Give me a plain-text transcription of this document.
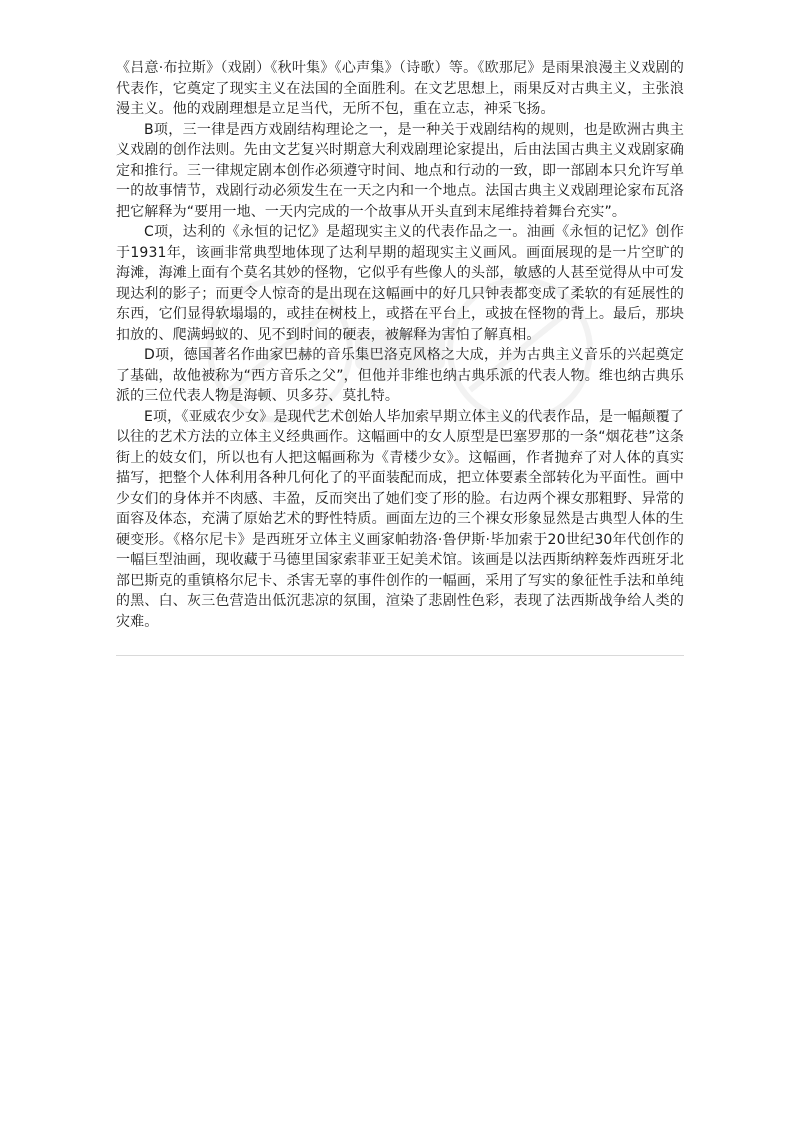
《吕意·布拉斯》（戏剧）《秋叶集》《心声集》（诗歌）等。《欧那尼》是雨果浪漫主义戏剧的代表作，它奠定了现实主义在法国的全面胜利。在文艺思想上，雨果反对古典主义，主张浪漫主义。他的戏剧理想是立足当代，无所不包，重在立志，神采飞扬。

B项，三一律是西方戏剧结构理论之一，是一种关于戏剧结构的规则，也是欧洲古典主义戏剧的创作法则。先由文艺复兴时期意大利戏剧理论家提出，后由法国古典主义戏剧家确定和推行。三一律规定剧本创作必须遵守时间、地点和行动的一致，即一部剧本只允许写单一的故事情节，戏剧行动必须发生在一天之内和一个地点。法国古典主义戏剧理论家布瓦洛把它解释为“要用一地、一天内完成的一个故事从开头直到末尾维持着舞台充实”。

C项，达利的《永恒的记忆》是超现实主义的代表作品之一。油画《永恒的记忆》创作于1931年，该画非常典型地体现了达利早期的超现实主义画风。画面展现的是一片空旷的海滩，海滩上面有个莫名其妙的怪物，它似乎有些像人的头部，敏感的人甚至觉得从中可发现达利的影子；而更令人惊奇的是出现在这幅画中的好几只钟表都变成了柔软的有延展性的东西，它们显得软塌塌的，或挂在树枝上，或搭在平台上，或披在怪物的背上。最后，那块扣放的、爬满蚂蚁的、见不到时间的硬表，被解释为害怕了解真相。

D项，德国著名作曲家巴赫的音乐集巴洛克风格之大成，并为古典主义音乐的兴起奠定了基础，故他被称为“西方音乐之父”，但他并非维也纳古典乐派的代表人物。维也纳古典乐派的三位代表人物是海顿、贝多芬、莫扎特。

E项，《亚威农少女》是现代艺术创始人毕加索早期立体主义的代表作品，是一幅颠覆了以往的艺术方法的立体主义经典画作。这幅画中的女人原型是巴塞罗那的一条“烟花巷”这条街上的妓女们，所以也有人把这幅画称为《青楼少女》。这幅画，作者抛弃了对人体的真实描写，把整个人体利用各种几何化了的平面装配而成，把立体要素全部转化为平面性。画中少女们的身体并不肉感、丰盈，反而突出了她们变了形的脸。右边两个裸女那粗野、异常的面容及体态，充满了原始艺术的野性特质。画面左边的三个裸女形象显然是古典型人体的生硬变形。《格尔尼卡》是西班牙立体主义画家帕勃洛·鲁伊斯·毕加索于20世纪30年代创作的一幅巨型油画，现收藏于马德里国家索菲亚王妃美术馆。该画是以法西斯纳粹轰炸西班牙北部巴斯克的重镇格尔尼卡、杀害无辜的事件创作的一幅画，采用了写实的象征性手法和单纯的黑、白、灰三色营造出低沉悲凉的氛围，渲染了悲剧性色彩，表现了法西斯战争给人类的灾难。
